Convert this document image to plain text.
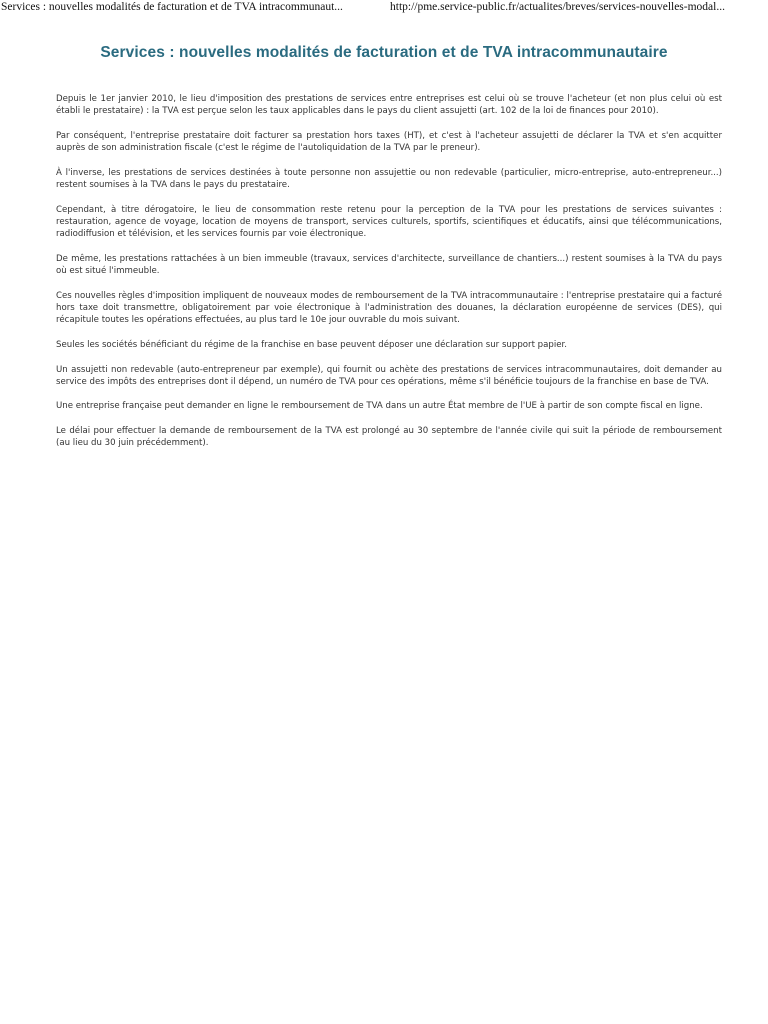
Services : nouvelles modalités de facturation et de TVA intracommunaut...	http://pme.service-public.fr/actualites/breves/services-nouvelles-modal...
Services : nouvelles modalités de facturation et de TVA intracommunautaire

Depuis le 1er janvier 2010, le lieu d'imposition des prestations de services entre entreprises est celui où se trouve l'acheteur (et non plus celui où est établi le prestataire) : la TVA est perçue selon les taux applicables dans le pays du client assujetti (art. 102 de la loi de finances pour 2010).

Par conséquent, l'entreprise prestataire doit facturer sa prestation hors taxes (HT), et c'est à l'acheteur assujetti de déclarer la TVA et s'en acquitter auprès de son administration fiscale (c'est le régime de l'autoliquidation de la TVA par le preneur).

À l'inverse, les prestations de services destinées à toute personne non assujettie ou non redevable (particulier, micro-entreprise, auto-entrepreneur...) restent soumises à la TVA dans le pays du prestataire.

Cependant, à titre dérogatoire, le lieu de consommation reste retenu pour la perception de la TVA pour les prestations de services suivantes : restauration, agence de voyage, location de moyens de transport, services culturels, sportifs, scientifiques et éducatifs, ainsi que télécommunications, radiodiffusion et télévision, et les services fournis par voie électronique.

De même, les prestations rattachées à un bien immeuble (travaux, services d'architecte, surveillance de chantiers...) restent soumises à la TVA du pays où est situé l'immeuble.

Ces nouvelles règles d'imposition impliquent de nouveaux modes de remboursement de la TVA intracommunautaire : l'entreprise prestataire qui a facturé hors taxe doit transmettre, obligatoirement par voie électronique à l'administration des douanes, la déclaration européenne de services (DES), qui récapitule toutes les opérations effectuées, au plus tard le 10e jour ouvrable du mois suivant.

Seules les sociétés bénéficiant du régime de la franchise en base peuvent déposer une déclaration sur support papier.

Un assujetti non redevable (auto-entrepreneur par exemple), qui fournit ou achète des prestations de services intracommunautaires, doit demander au service des impôts des entreprises dont il dépend, un numéro de TVA pour ces opérations, même s'il bénéficie toujours de la franchise en base de TVA.

Une entreprise française peut demander en ligne le remboursement de TVA dans un autre État membre de l'UE à partir de son compte fiscal en ligne.

Le délai pour effectuer la demande de remboursement de la TVA est prolongé au 30 septembre de l'année civile qui suit la période de remboursement (au lieu du 30 juin précédemment).
